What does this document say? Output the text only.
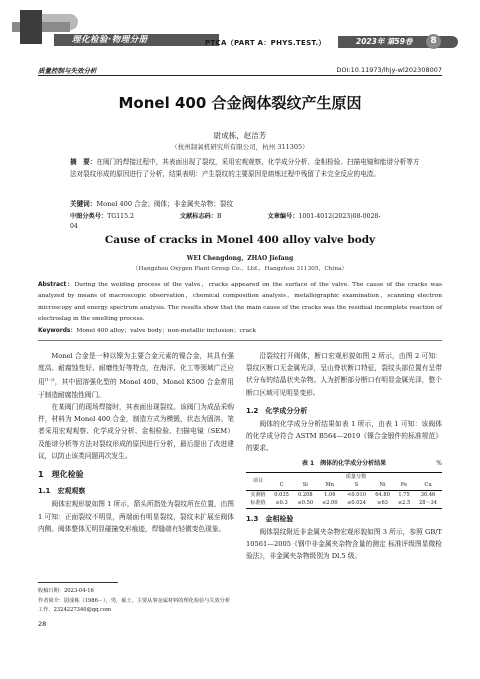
理化检验·物理分册	PTCA（PART A：PHYS.TEST.）	2023年 第59卷	8
质量控制与失效分析	DOI:10.11973/lhjy-wl202308007
Monel 400 合金阀体裂纹产生原因
尉成栋，赵洁芳
（杭州制氧机研究所有限公司，杭州 311305）
摘　要：在阀门的焊接过程中，其表面出现了裂纹，采用宏观观察、化学成分分析、金相检验、扫描电镜和能谱分析等方法对裂纹形成的原因进行了分析，结果表明：产生裂纹的主要原因是熔炼过程中残留了未完全反应的电渣。
关键词：Monel 400 合金；阀体；非金属夹杂物；裂纹
中图分类号：TG115.2	文献标志码：B	文章编号：1001-4012(2023)08-0028-04
Cause of cracks in Monel 400 alloy valve body
WEI Chengdong，ZHAO Jiefang
（Hangzhou Oxygen Plant Group Co.，Ltd.，Hangzhou 311305，China）
Abstract：During the welding process of the valve，cracks appeared on the surface of the valve. The cause of the cracks was analyzed by means of macroscopic observation，chemical composition analysis，metallographic examination，scanning electron microscopy and energy spectrum analysis. The results show that the main cause of the cracks was the residual incomplete reaction of electroslag in the smelting process.
Keywords：Monel 400 alloy；valve body；non-metallic inclusion；crack

Monel 合金是一种以镍为主要合金元素的镍合金，其具有强度高、耐腐蚀性好、耐磨性好等特点，在海洋、化工等领域广泛应用[1-2]，其中固溶强化型的 Monel 400、Monel K500 合金常用于制造耐腐蚀性阀门。

在某阀门的现场焊接时，其表面出现裂纹。该阀门为成品采购件，材料为 Monel 400 合金，制造方式为模锻，状态为固溶。笔者采用宏观观察、化学成分分析、金相检验、扫描电镜（SEM）及能谱分析等方法对裂纹形成的原因进行分析，最后提出了改进建议，以防止该类问题再次发生。

1　理化检验

1.1　宏观观察

阀体宏观形貌如图 1 所示，箭头所指处为裂纹所在位置，由图 1 可知：正面裂纹不明显，两端面有明显裂纹，裂纹未扩展至阀体内侧。阀体整体无明显碰撞变形痕迹，焊缝端有轻微变色现象。

收稿日期：2023-04-16
作者简介：尉成栋（1986－），男，硕士，主要从事金属材料的理化检验与失效分析工作，2324227340@qq.com
28

沿裂纹打开阀体，断口宏观形貌如图 2 所示，由图 2 可知：裂纹区断口无金属光泽，呈山脊状断口特征，裂纹头部位置有呈带状分布的结晶状夹杂物。人为折断部分断口有明显金属光泽，整个断口区域可见明显变形。

1.2　化学成分分析

阀体的化学成分分析结果如表 1 所示，由表 1 可知：该阀体的化学成分符合 ASTM B564—2019《镍合金锻件的标准规范》的要求。

表 1　阀体的化学成分分析结果	%
项目	质量分数						
	C	Si	Mn	S	Ni	Fe	Cu
实测值	0.035	0.208	1.06	<0.010	64.80	1.75	30.46
标准值	≤0.3	≤0.50	≤2.00	≤0.024	≥63	≤2.5	28～34

1.3　金相检验

阀体裂纹附近非金属夹杂物宏观形貌如图 3 所示，参照 GB/T 10561—2005《钢中非金属夹杂物含量的测定 标准评级图显微检验法》，非金属夹杂物级别为 Dl.5 级。
